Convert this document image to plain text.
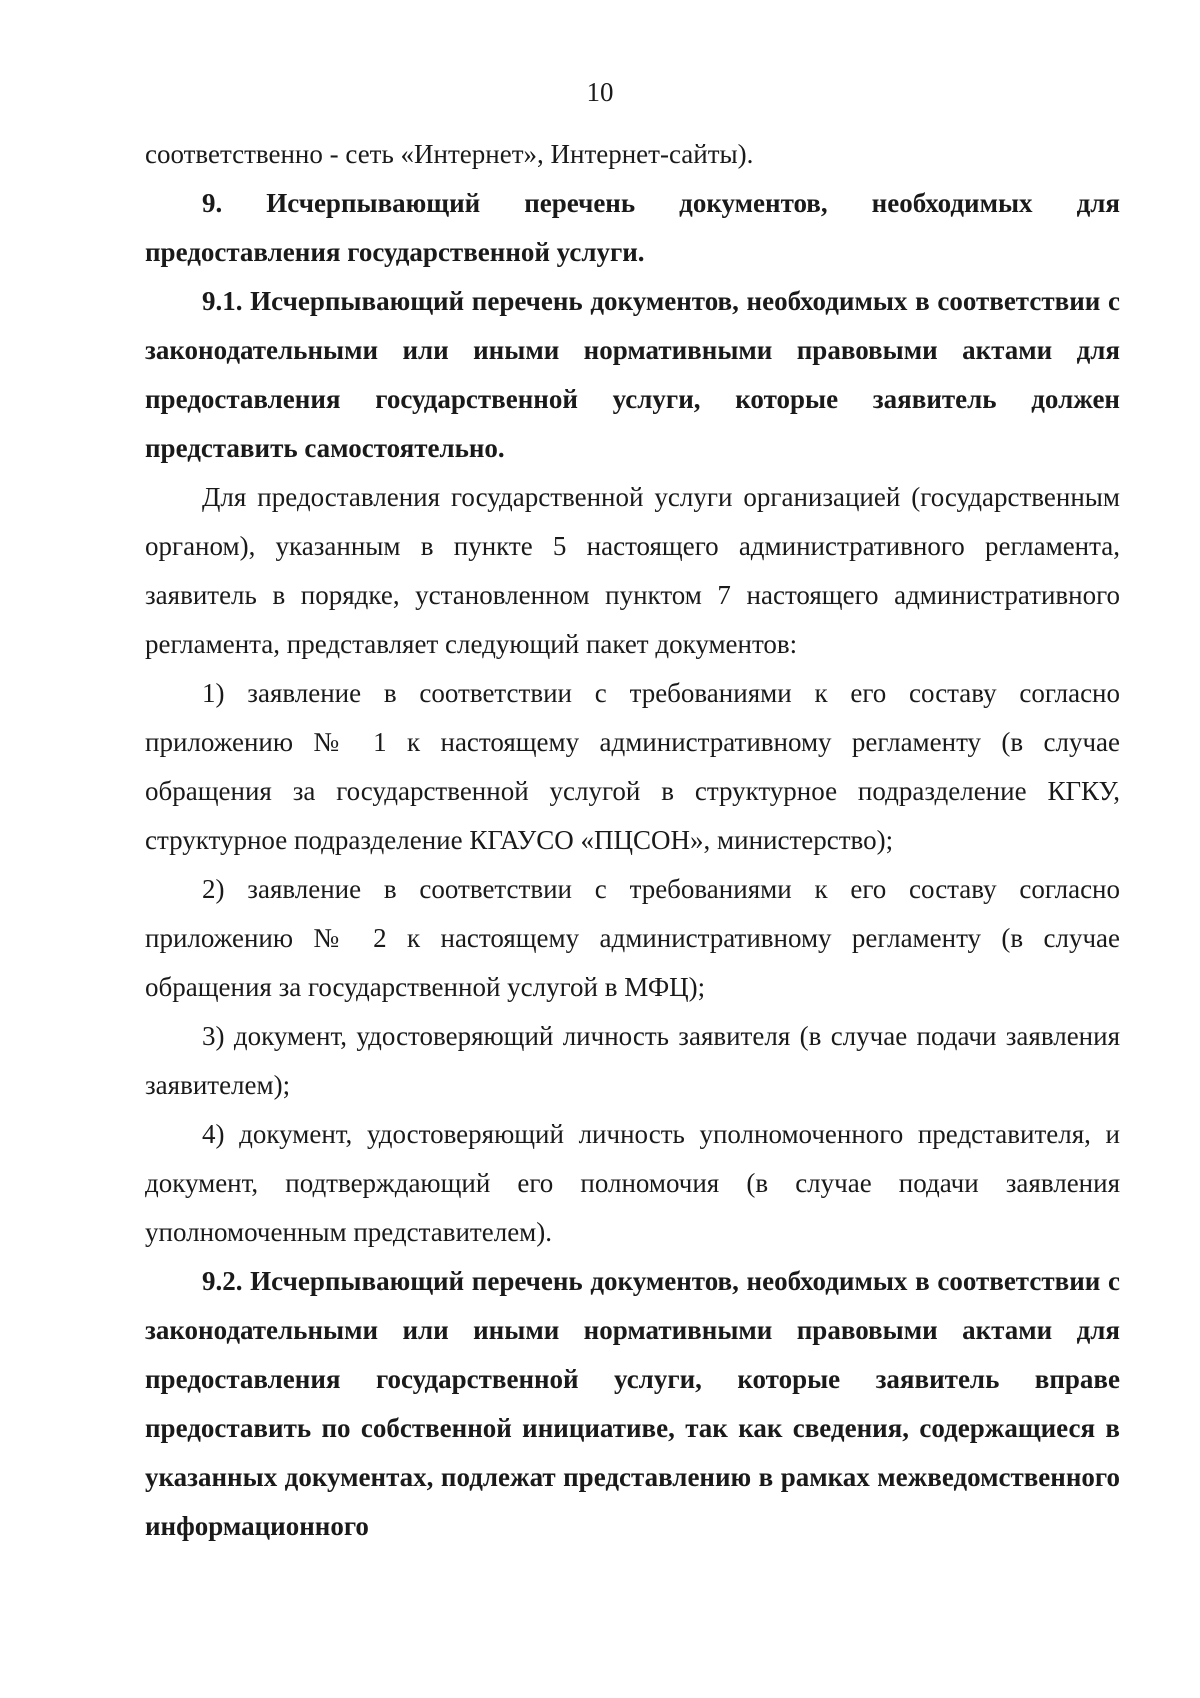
10

соответственно - сеть «Интернет», Интернет-сайты).

9. Исчерпывающий перечень документов, необходимых для предоставления государственной услуги.

9.1. Исчерпывающий перечень документов, необходимых в соответствии с законодательными или иными нормативными правовыми актами для предоставления государственной услуги, которые заявитель должен представить самостоятельно.

Для предоставления государственной услуги организацией (государственным органом), указанным в пункте 5 настоящего административного регламента, заявитель в порядке, установленном пунктом 7 настоящего административного регламента, представляет следующий пакет документов:

1) заявление в соответствии с требованиями к его составу согласно приложению № 1 к настоящему административному регламенту (в случае обращения за государственной услугой в структурное подразделение КГКУ, структурное подразделение КГАУСО «ПЦСОН», министерство);

2) заявление в соответствии с требованиями к его составу согласно приложению № 2 к настоящему административному регламенту (в случае обращения за государственной услугой в МФЦ);

3) документ, удостоверяющий личность заявителя (в случае подачи заявления заявителем);

4) документ, удостоверяющий личность уполномоченного представителя, и документ, подтверждающий его полномочия (в случае подачи заявления уполномоченным представителем).

9.2. Исчерпывающий перечень документов, необходимых в соответствии с законодательными или иными нормативными правовыми актами для предоставления государственной услуги, которые заявитель вправе предоставить по собственной инициативе, так как сведения, содержащиеся в указанных документах, подлежат представлению в рамках межведомственного информационного
